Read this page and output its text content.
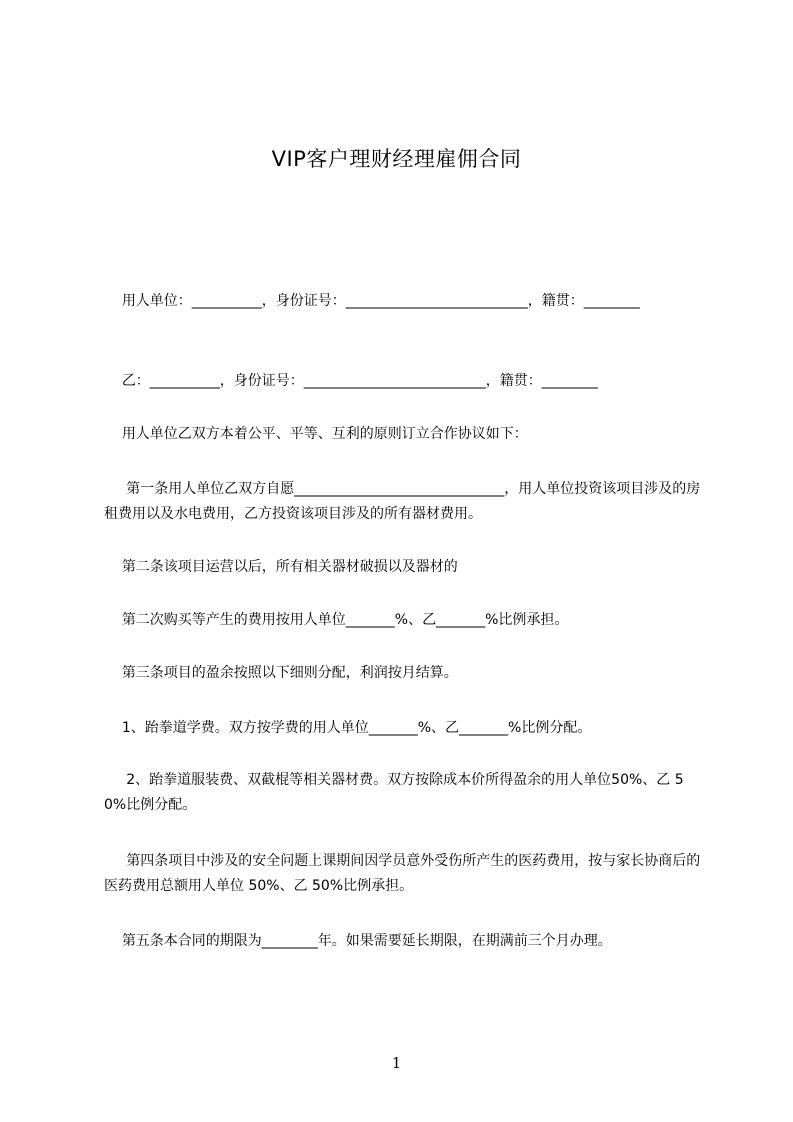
VIP客户理财经理雇佣合同
用人单位：__________，身份证号：__________________________，籍贯：________
乙：__________，身份证号：__________________________，籍贯：________
用人单位乙双方本着公平、平等、互利的原则订立合作协议如下：
第一条用人单位乙双方自愿______________________________，用人单位投资该项目涉及的房租费用以及水电费用，乙方投资该项目涉及的所有器材费用。
第二条该项目运营以后，所有相关器材破损以及器材的
第二次购买等产生的费用按用人单位_______%、乙_______%比例承担。
第三条项目的盈余按照以下细则分配，利润按月结算。
1、跆拳道学费。双方按学费的用人单位_______%、乙_______%比例分配。
2、跆拳道服装费、双截棍等相关器材费。双方按除成本价所得盈余的用人单位50%、乙 50%比例分配。
第四条项目中涉及的安全问题上课期间因学员意外受伤所产生的医药费用，按与家长协商后的医药费用总额用人单位 50%、乙 50%比例承担。
第五条本合同的期限为________年。如果需要延长期限，在期满前三个月办理。
1
